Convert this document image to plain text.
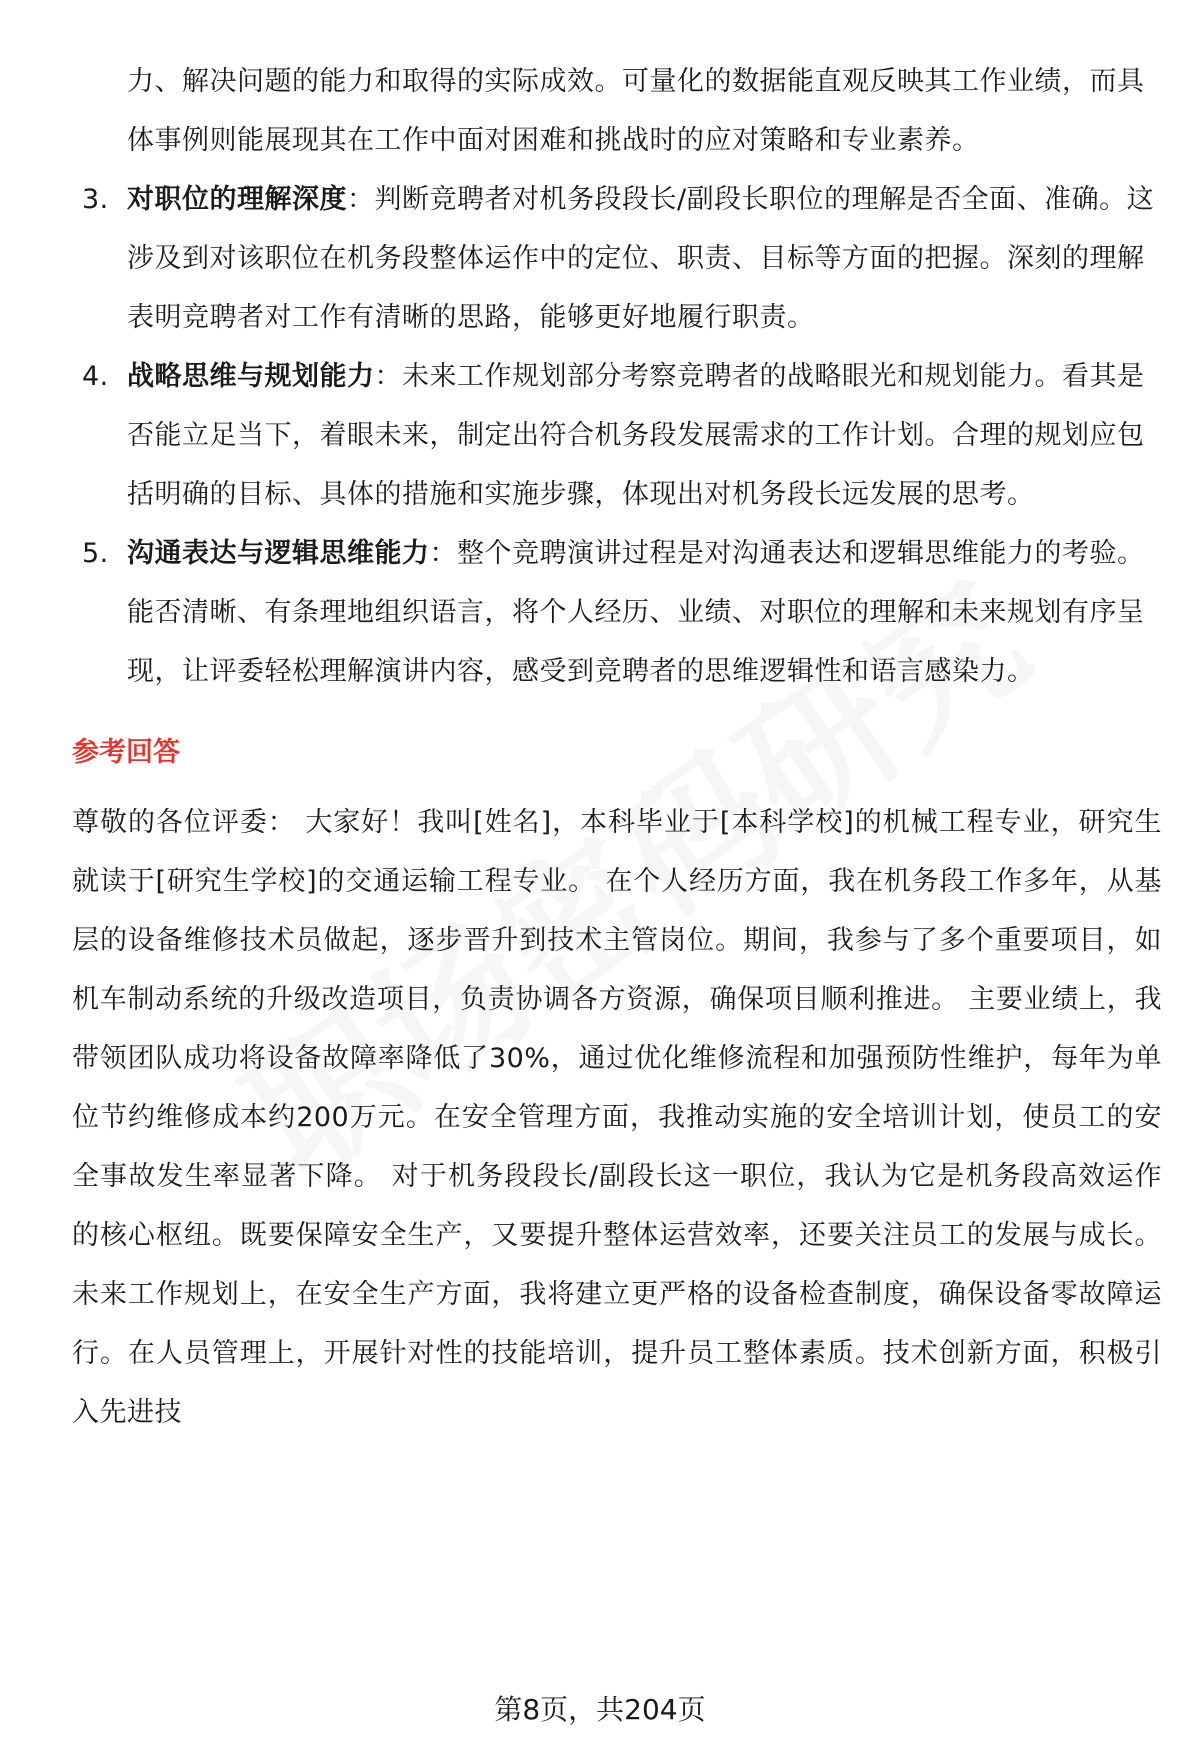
力、解决问题的能力和取得的实际成效。可量化的数据能直观反映其工作业绩，而具体事例则能展现其在工作中面对困难和挑战时的应对策略和专业素养。
3. 对职位的理解深度：判断竞聘者对机务段段长/副段长职位的理解是否全面、准确。这涉及到对该职位在机务段整体运作中的定位、职责、目标等方面的把握。深刻的理解表明竞聘者对工作有清晰的思路，能够更好地履行职责。
4. 战略思维与规划能力：未来工作规划部分考察竞聘者的战略眼光和规划能力。看其是否能立足当下，着眼未来，制定出符合机务段发展需求的工作计划。合理的规划应包括明确的目标、具体的措施和实施步骤，体现出对机务段长远发展的思考。
5. 沟通表达与逻辑思维能力：整个竞聘演讲过程是对沟通表达和逻辑思维能力的考验。能否清晰、有条理地组织语言，将个人经历、业绩、对职位的理解和未来规划有序呈现，让评委轻松理解演讲内容，感受到竞聘者的思维逻辑性和语言感染力。
参考回答
尊敬的各位评委： 大家好！我叫[姓名]，本科毕业于[本科学校]的机械工程专业，研究生就读于[研究生学校]的交通运输工程专业。 在个人经历方面，我在机务段工作多年，从基层的设备维修技术员做起，逐步晋升到技术主管岗位。期间，我参与了多个重要项目，如机车制动系统的升级改造项目，负责协调各方资源，确保项目顺利推进。 主要业绩上，我带领团队成功将设备故障率降低了30%，通过优化维修流程和加强预防性维护，每年为单位节约维修成本约200万元。在安全管理方面，我推动实施的安全培训计划，使员工的安全事故发生率显著下降。 对于机务段段长/副段长这一职位，我认为它是机务段高效运作的核心枢纽。既要保障安全生产，又要提升整体运营效率，还要关注员工的发展与成长。 未来工作规划上，在安全生产方面，我将建立更严格的设备检查制度，确保设备零故障运行。在人员管理上，开展针对性的技能培训，提升员工整体素质。技术创新方面，积极引入先进技
第8页，共204页
